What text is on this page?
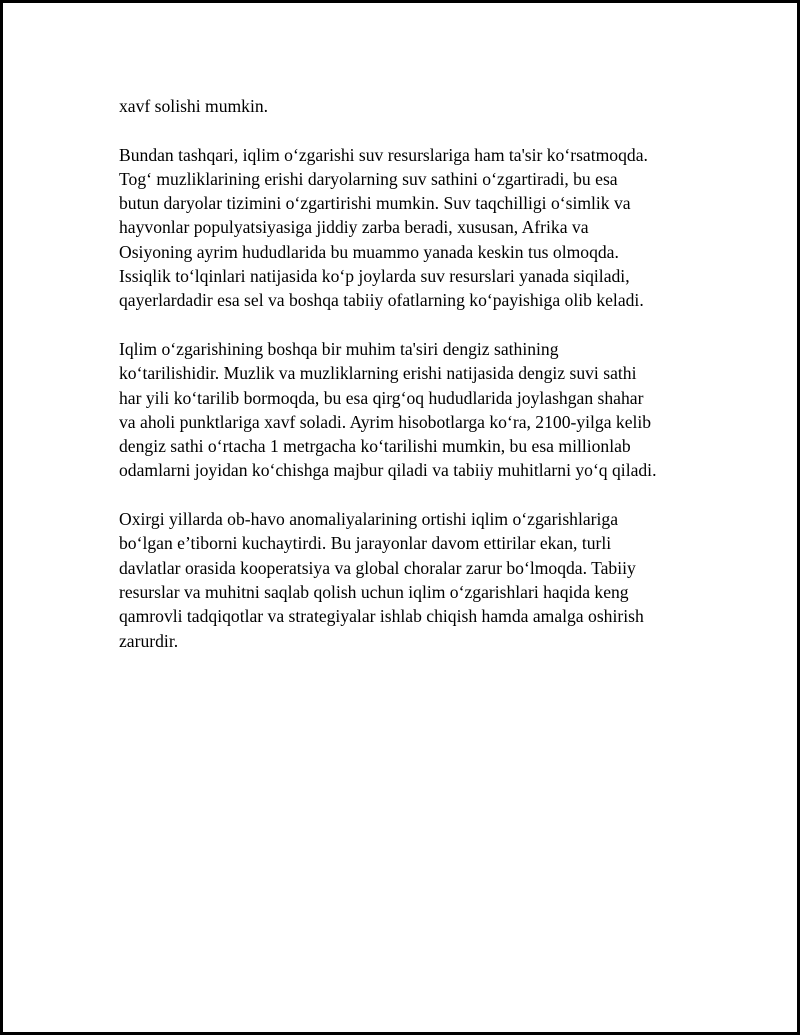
xavf solishi mumkin.
Bundan tashqari, iqlim o‘zgarishi suv resurslariga ham ta'sir ko‘rsatmoqda.
Tog‘ muzliklarining erishi daryolarning suv sathini o‘zgartiradi, bu esa
butun daryolar tizimini o‘zgartirishi mumkin. Suv taqchilligi o‘simlik va
hayvonlar populyatsiyasiga jiddiy zarba beradi, xususan, Afrika va
Osiyoning ayrim hududlarida bu muammo yanada keskin tus olmoqda.
Issiqlik to‘lqinlari natijasida ko‘p joylarda suv resurslari yanada siqiladi,
qayerlardadir esa sel va boshqa tabiiy ofatlarning ko‘payishiga olib keladi.
Iqlim o‘zgarishining boshqa bir muhim ta'siri dengiz sathining
ko‘tarilishidir. Muzlik va muzliklarning erishi natijasida dengiz suvi sathi
har yili ko‘tarilib bormoqda, bu esa qirg‘oq hududlarida joylashgan shahar
va aholi punktlariga xavf soladi. Ayrim hisobotlarga ko‘ra, 2100-yilga kelib
dengiz sathi o‘rtacha 1 metrgacha ko‘tarilishi mumkin, bu esa millionlab
odamlarni joyidan ko‘chishga majbur qiladi va tabiiy muhitlarni yo‘q qiladi.
Oxirgi yillarda ob-havo anomaliyalarining ortishi iqlim o‘zgarishlariga
bo‘lgan e’tiborni kuchaytirdi. Bu jarayonlar davom ettirilar ekan, turli
davlatlar orasida kooperatsiya va global choralar zarur bo‘lmoqda. Tabiiy
resurslar va muhitni saqlab qolish uchun iqlim o‘zgarishlari haqida keng
qamrovli tadqiqotlar va strategiyalar ishlab chiqish hamda amalga oshirish
zarurdir.
